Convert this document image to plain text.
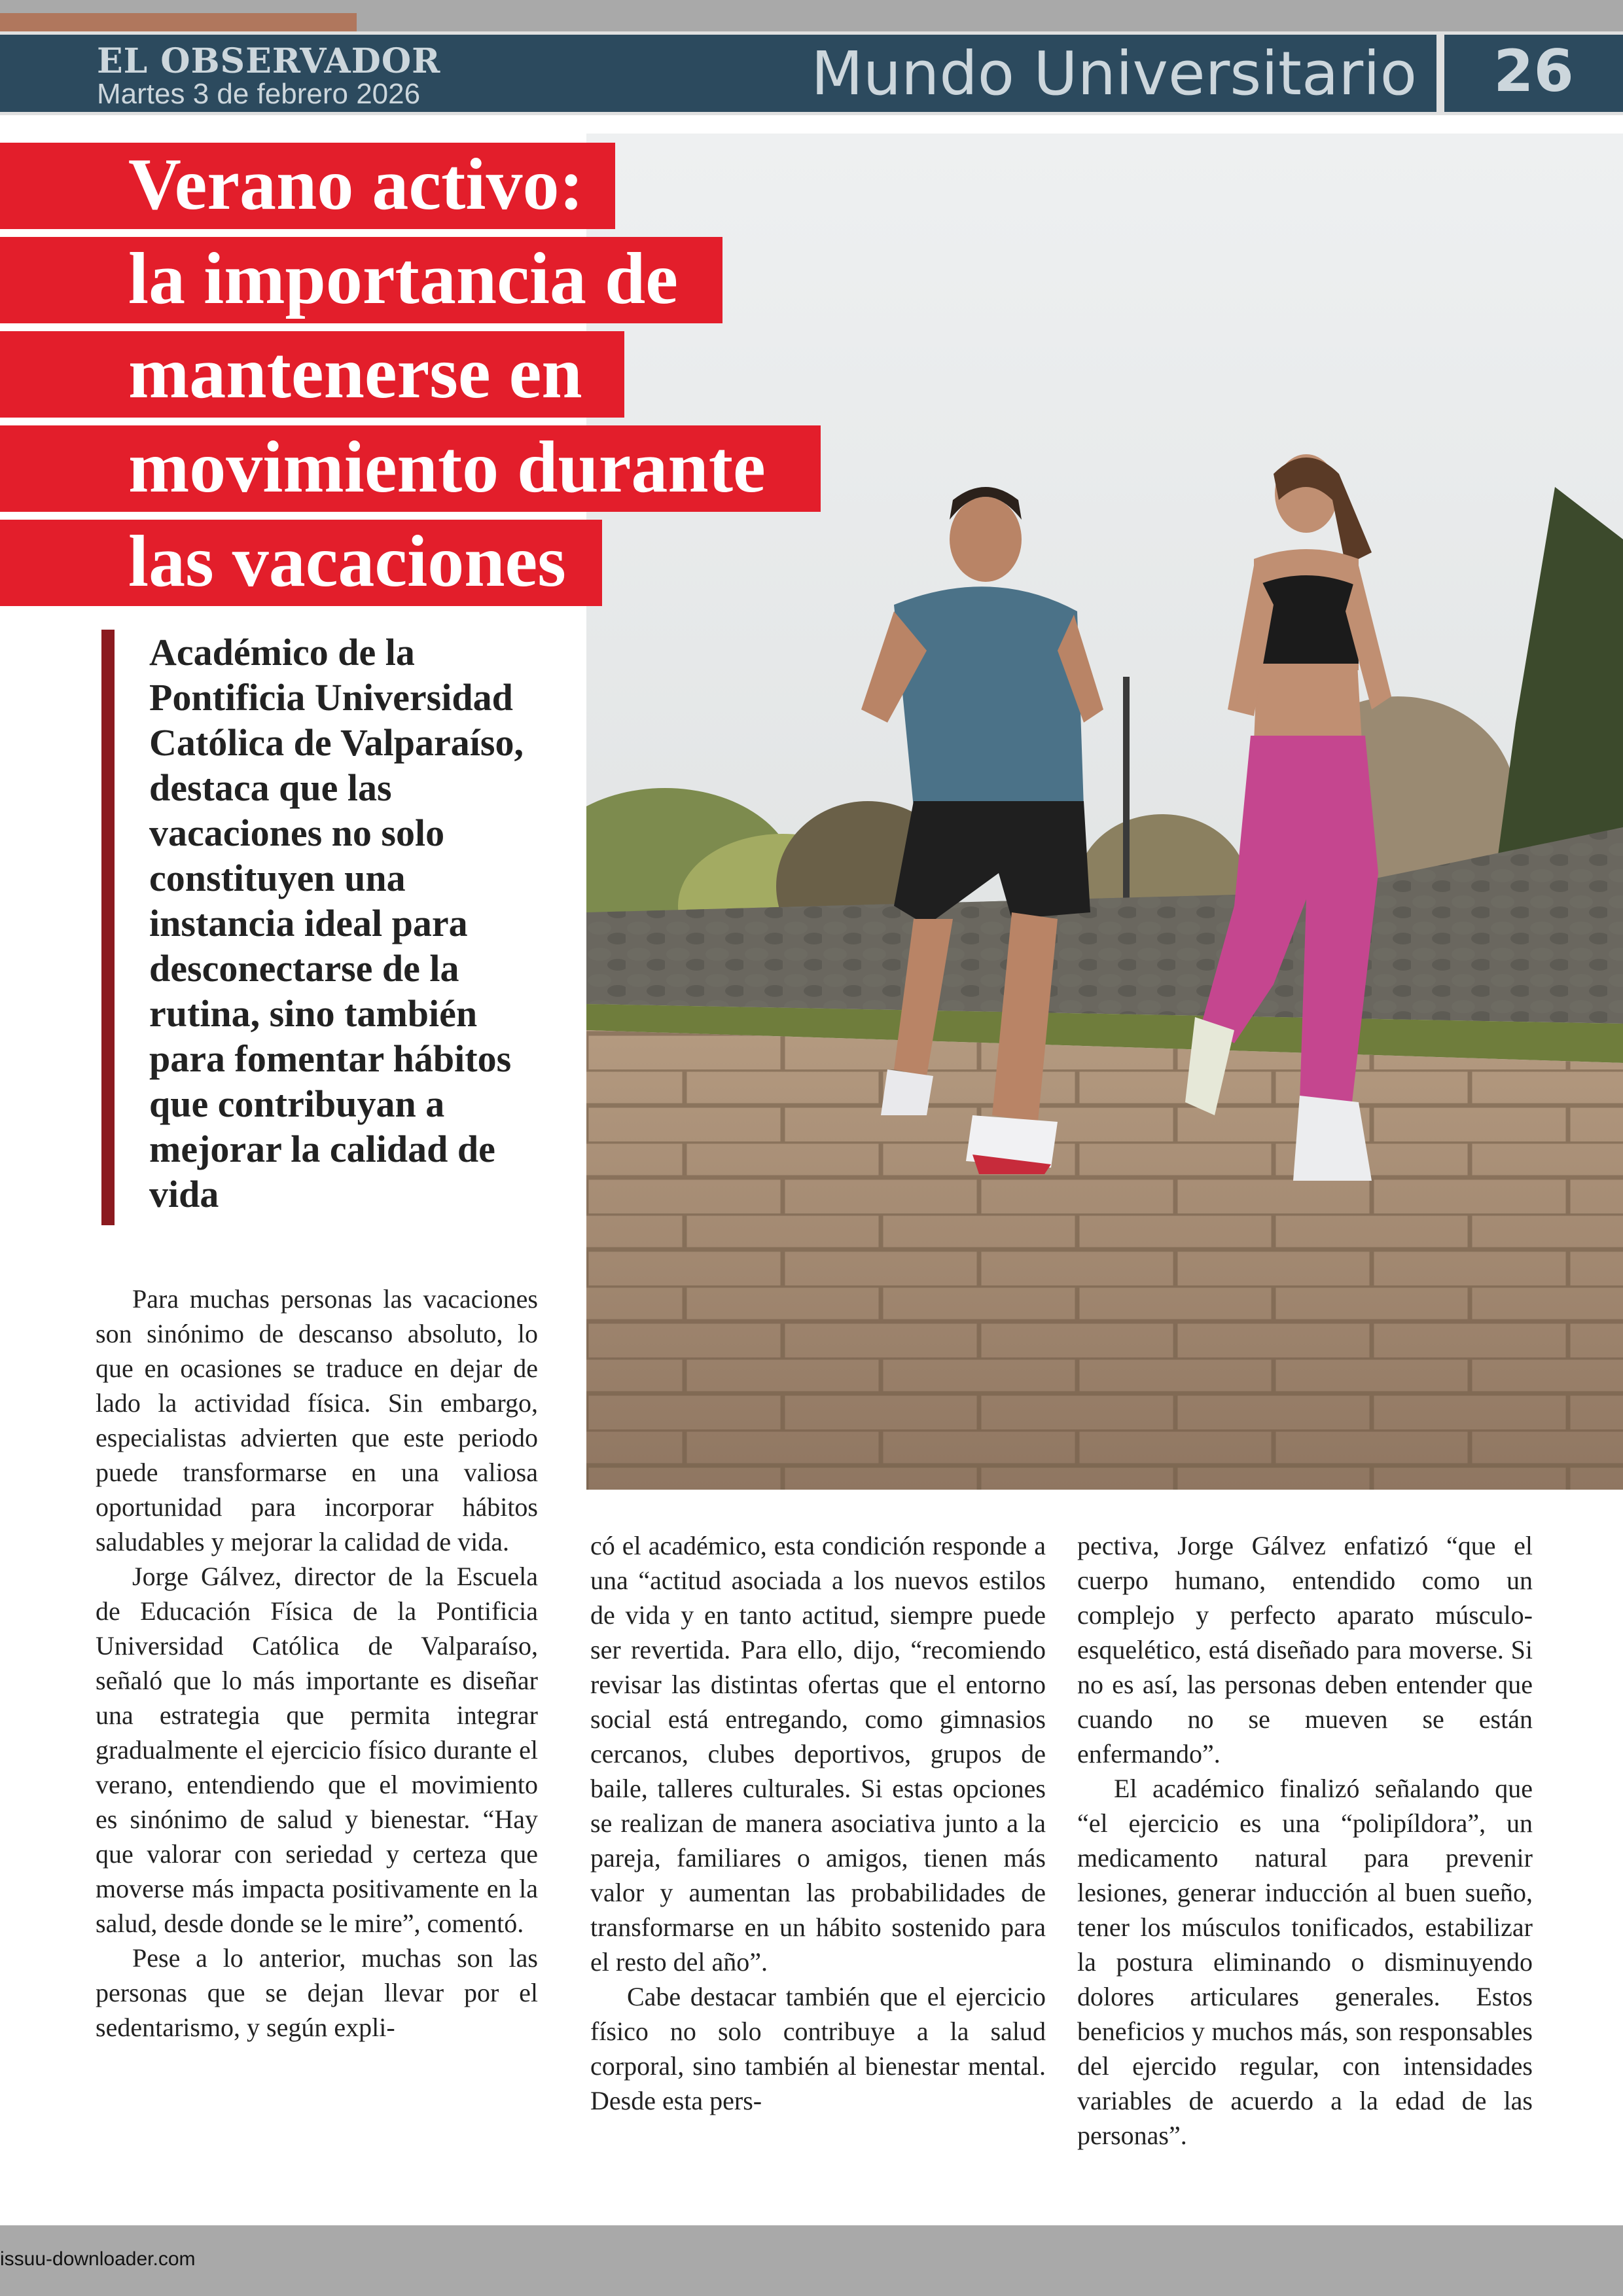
EL OBSERVADOR
Martes 3 de febrero 2026	Mundo Universitario	26
Verano activo:
la importancia de
mantenerse en
movimiento durante
las vacaciones
Académico de la Pontificia Universidad Católica de Valparaíso, destaca que las vacaciones no solo constituyen una instancia ideal para desconectarse de la rutina, sino también para fomentar hábitos que contribuyan a mejorar la calidad de vida

Para muchas personas las vacaciones son sinónimo de descanso absoluto, lo que en ocasiones se traduce en dejar de lado la actividad física. Sin embargo, especialistas advierten que este periodo puede transformarse en una valiosa oportunidad para incorporar hábitos saludables y mejorar la calidad de vida.

Jorge Gálvez, director de la Escuela de Educación Física de la Pontificia Universidad Católica de Valparaíso, señaló que lo más importante es diseñar una estrategia que permita integrar gradualmente el ejercicio físico durante el verano, entendiendo que el movimiento es sinónimo de salud y bienestar. “Hay que valorar con seriedad y certeza que moverse más impacta positivamente en la salud, desde donde se le mire”, comentó.

Pese a lo anterior, muchas son las personas que se dejan llevar por el sedentarismo, y según expli-

có el académico, esta condición responde a una “actitud asociada a los nuevos estilos de vida y en tanto actitud, siempre puede ser revertida. Para ello, dijo, “recomiendo revisar las distintas ofertas que el entorno social está entregando, como gimnasios cercanos, clubes deportivos, grupos de baile, talleres culturales. Si estas opciones se realizan de manera asociativa junto a la pareja, familiares o amigos, tienen más valor y aumentan las probabilidades de transformarse en un hábito sostenido para el resto del año”.

Cabe destacar también que el ejercicio físico no solo contribuye a la salud corporal, sino también al bienestar mental. Desde esta pers-

pectiva, Jorge Gálvez enfatizó “que el cuerpo humano, entendido como un complejo y perfecto aparato músculo-esquelético, está diseñado para moverse. Si no es así, las personas deben entender que cuando no se mueven se están enfermando”.

El académico finalizó señalando que “el ejercicio es una “polipíldora”, un medicamento natural para prevenir lesiones, generar inducción al buen sueño, tener los músculos tonificados, estabilizar la postura eliminando o disminuyendo dolores articulares generales. Estos beneficios y muchos más, son responsables del ejercido regular, con intensidades variables de acuerdo a la edad de las personas”.

issuu-downloader.com
